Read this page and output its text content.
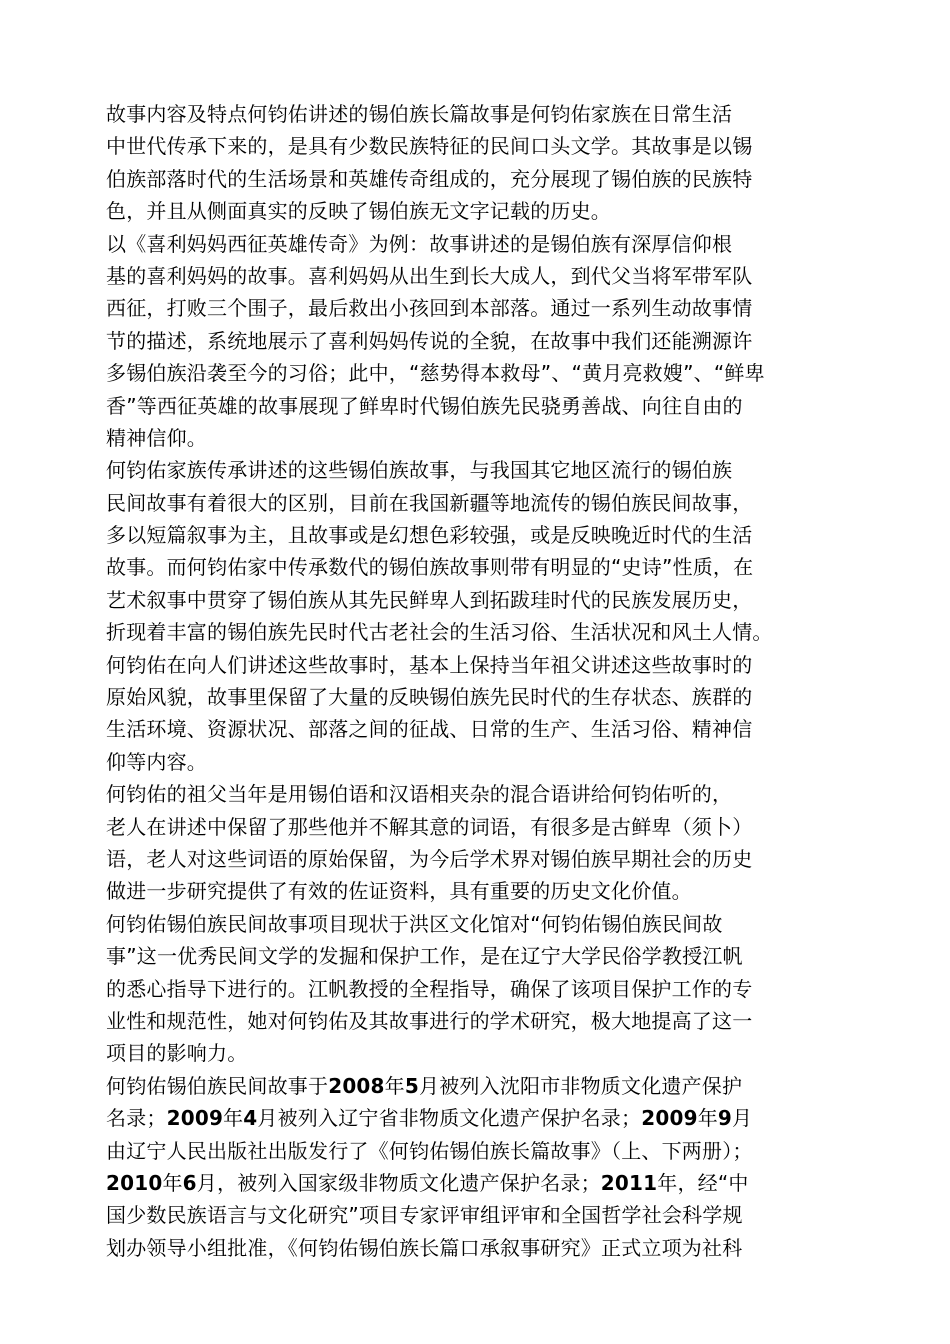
故事内容及特点何钧佑讲述的锡伯族长篇故事是何钧佑家族在日常生活
中世代传承下来的，是具有少数民族特征的民间口头文学。其故事是以锡
伯族部落时代的生活场景和英雄传奇组成的，充分展现了锡伯族的民族特
色，并且从侧面真实的反映了锡伯族无文字记载的历史。
以《喜利妈妈西征英雄传奇》为例：故事讲述的是锡伯族有深厚信仰根
基的喜利妈妈的故事。喜利妈妈从出生到长大成人，到代父当将军带军队
西征，打败三个围子，最后救出小孩回到本部落。通过一系列生动故事情
节的描述，系统地展示了喜利妈妈传说的全貌，在故事中我们还能溯源许
多锡伯族沿袭至今的习俗；此中，“慈势得本救母”、“黄月亮救嫂”、“鲜卑
香”等西征英雄的故事展现了鲜卑时代锡伯族先民骁勇善战、向往自由的
精神信仰。
何钧佑家族传承讲述的这些锡伯族故事，与我国其它地区流行的锡伯族
民间故事有着很大的区别，目前在我国新疆等地流传的锡伯族民间故事，
多以短篇叙事为主，且故事或是幻想色彩较强，或是反映晚近时代的生活
故事。而何钧佑家中传承数代的锡伯族故事则带有明显的“史诗”性质，在
艺术叙事中贯穿了锡伯族从其先民鲜卑人到拓跋珪时代的民族发展历史，
折现着丰富的锡伯族先民时代古老社会的生活习俗、生活状况和风土人情。
何钧佑在向人们讲述这些故事时，基本上保持当年祖父讲述这些故事时的
原始风貌，故事里保留了大量的反映锡伯族先民时代的生存状态、族群的
生活环境、资源状况、部落之间的征战、日常的生产、生活习俗、精神信
仰等内容。
何钧佑的祖父当年是用锡伯语和汉语相夹杂的混合语讲给何钧佑听的，
老人在讲述中保留了那些他并不解其意的词语，有很多是古鲜卑（须卜）
语，老人对这些词语的原始保留，为今后学术界对锡伯族早期社会的历史
做进一步研究提供了有效的佐证资料，具有重要的历史文化价值。
何钧佑锡伯族民间故事项目现状于洪区文化馆对“何钧佑锡伯族民间故
事”这一优秀民间文学的发掘和保护工作，是在辽宁大学民俗学教授江帆
的悉心指导下进行的。江帆教授的全程指导，确保了该项目保护工作的专
业性和规范性，她对何钧佑及其故事进行的学术研究，极大地提高了这一
项目的影响力。
何钧佑锡伯族民间故事于2008年5月被列入沈阳市非物质文化遗产保护
名录；2009年4月被列入辽宁省非物质文化遗产保护名录；2009年9月
由辽宁人民出版社出版发行了《何钧佑锡伯族长篇故事》（上、下两册）；
2010年6月，被列入国家级非物质文化遗产保护名录；2011年，经“中
国少数民族语言与文化研究”项目专家评审组评审和全国哲学社会科学规
划办领导小组批准，《何钧佑锡伯族长篇口承叙事研究》正式立项为社科
